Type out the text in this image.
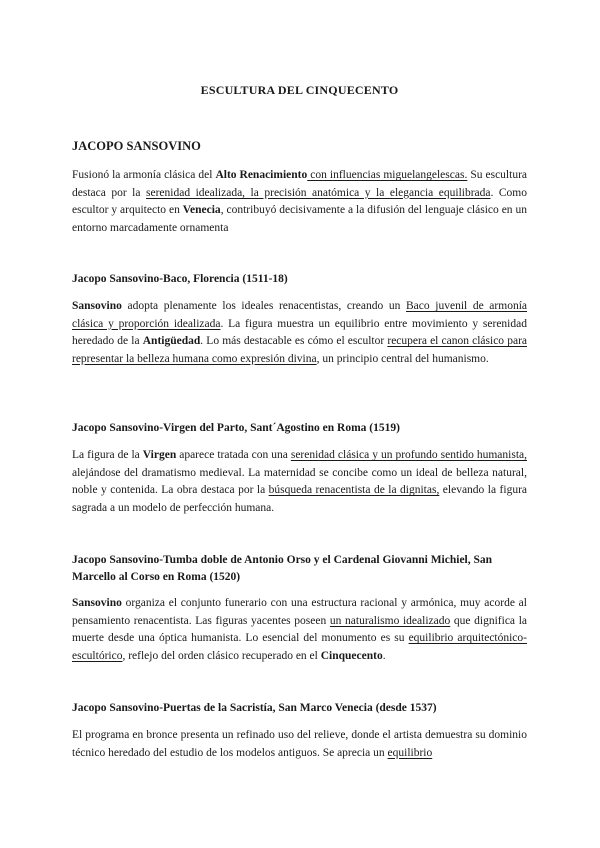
ESCULTURA DEL CINQUECENTO
JACOPO SANSOVINO

Fusionó la armonía clásica del Alto Renacimiento con influencias miguelangelescas. Su escultura destaca por la serenidad idealizada, la precisión anatómica y la elegancia equilibrada. Como escultor y arquitecto en Venecia, contribuyó decisivamente a la difusión del lenguaje clásico en un entorno marcadamente ornamenta

Jacopo Sansovino-Baco, Florencia (1511-18)

Sansovino adopta plenamente los ideales renacentistas, creando un Baco juvenil de armonía clásica y proporción idealizada. La figura muestra un equilibrio entre movimiento y serenidad heredado de la Antigüedad. Lo más destacable es cómo el escultor recupera el canon clásico para representar la belleza humana como expresión divina, un principio central del humanismo.

Jacopo Sansovino-Virgen del Parto, Sant´Agostino en Roma (1519)

La figura de la Virgen aparece tratada con una serenidad clásica y un profundo sentido humanista, alejándose del dramatismo medieval. La maternidad se concibe como un ideal de belleza natural, noble y contenida. La obra destaca por la búsqueda renacentista de la dignitas, elevando la figura sagrada a un modelo de perfección humana.

Jacopo Sansovino-Tumba doble de Antonio Orso y el Cardenal Giovanni Michiel, San Marcello al Corso en Roma (1520)

Sansovino organiza el conjunto funerario con una estructura racional y armónica, muy acorde al pensamiento renacentista. Las figuras yacentes poseen un naturalismo idealizado que dignifica la muerte desde una óptica humanista. Lo esencial del monumento es su equilibrio arquitectónico-escultórico, reflejo del orden clásico recuperado en el Cinquecento.

Jacopo Sansovino-Puertas de la Sacristía, San Marco Venecia (desde 1537)

El programa en bronce presenta un refinado uso del relieve, donde el artista demuestra su dominio técnico heredado del estudio de los modelos antiguos. Se aprecia un equilibrio
